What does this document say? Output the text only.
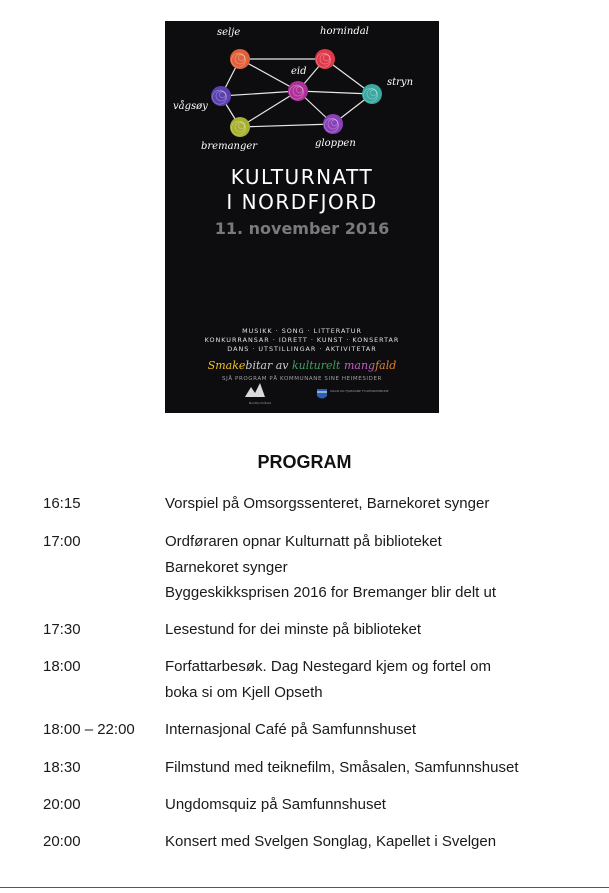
selje	hornindal
eid
stryn
vågsøy
bremanger	gloppen
KULTURNATT
I NORDFJORD
11. november 2016
MUSIKK · SONG · LITTERATUR
KONKURRANSAR · IDRETT · KUNST · KONSERTAR
DANS · UTSTILLINGAR · AKTIVITETAR
Smakebitar av kulturelt mangfald
SJÅ PROGRAM PÅ KOMMUNANE SINE HEIMESIDER
Nordfjordrådet
SOGN OG FJORDANE FYLKESKOMMUNE
PROGRAM
16:15	Vorspiel på Omsorgssenteret, Barnekoret synger
17:00	Ordføraren opnar Kulturnatt på biblioteket
Barnekoret synger
Byggeskikksprisen 2016 for Bremanger blir delt ut
17:30	Lesestund for dei minste på biblioteket
18:00	Forfattarbesøk. Dag Nestegard kjem og fortel om
boka si om Kjell Opseth
18:00 – 22:00 Internasjonal Café på Samfunnshuset
18:30	Filmstund med teiknefilm, Småsalen, Samfunnshuset
20:00	Ungdomsquiz på Samfunnshuset
20:00	Konsert med Svelgen Songlag, Kapellet i Svelgen
